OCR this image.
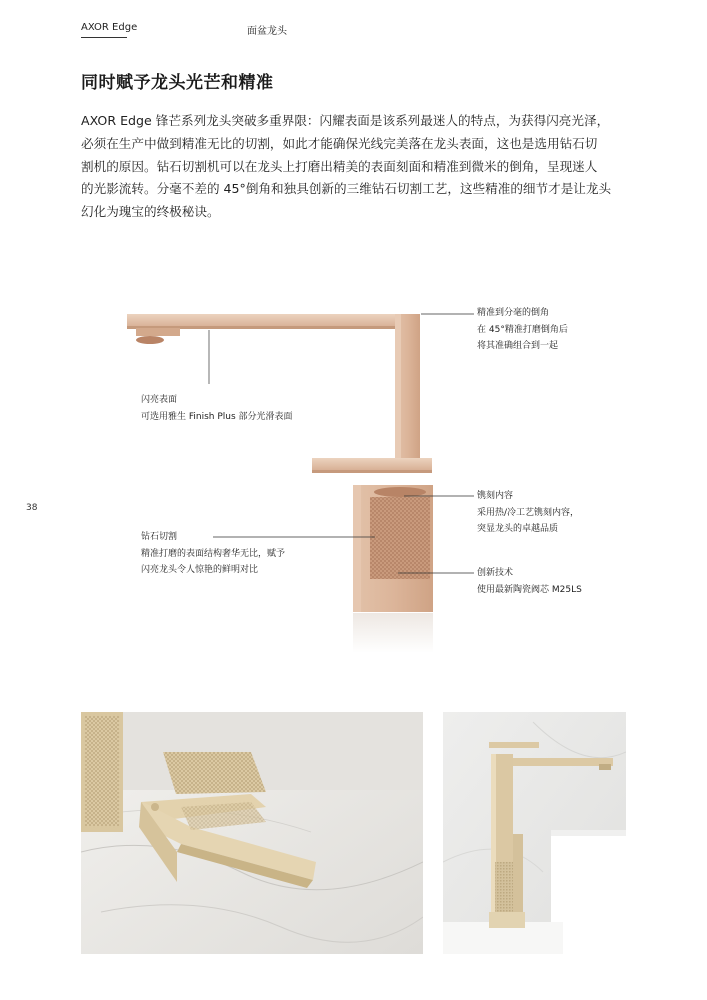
AXOR Edge	面盆龙头
同时赋予龙头光芒和精准

AXOR Edge 锋芒系列龙头突破多重界限：闪耀表面是该系列最迷人的特点，为获得闪亮光泽，

必须在生产中做到精准无比的切割，如此才能确保光线完美落在龙头表面，这也是选用钻石切

割机的原因。钻石切割机可以在龙头上打磨出精美的表面刻面和精准到微米的倒角，呈现迷人

的光影流转。分毫不差的 45°倒角和独具创新的三维钻石切割工艺，这些精准的细节才是让龙头

幻化为瑰宝的终极秘诀。

38

精准到分毫的倒角

在 45°精准打磨倒角后

将其准确组合到一起

闪亮表面

可选用雅生 Finish Plus 部分光滑表面

镌刻内容

采用热/冷工艺镌刻内容，

突显龙头的卓越品质

钻石切割

精准打磨的表面结构奢华无比，赋予

闪亮龙头令人惊艳的鲜明对比	创新技术

使用最新陶瓷阀芯 M25LS
